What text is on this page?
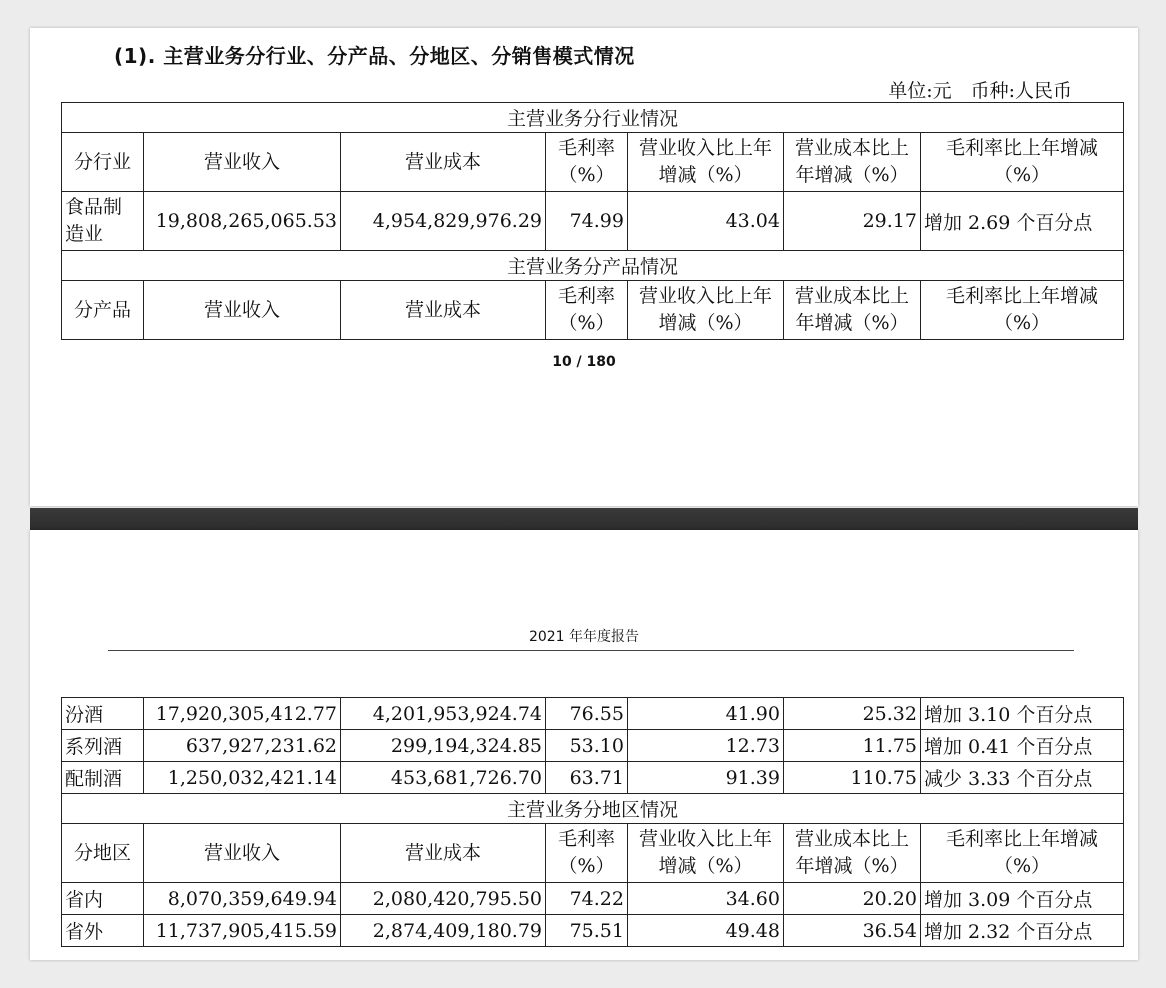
(1). 主营业务分行业、分产品、分地区、分销售模式情况
单位:元　币种:人民币
主营业务分行业情况						
分行业	营业收入	营业成本	毛利率（%）	营业收入比上年增减（%）	营业成本比上年增减（%）	毛利率比上年增减（%）
食品制造业	19,808,265,065.53	4,954,829,976.29	74.99	43.04	29.17	增加 2.69 个百分点
主营业务分产品情况						
分产品	营业收入	营业成本	毛利率（%）	营业收入比上年增减（%）	营业成本比上年增减（%）	毛利率比上年增减（%）
10 / 180
2021 年年度报告
汾酒	17,920,305,412.77	4,201,953,924.74	76.55	41.90	25.32	增加 3.10 个百分点
系列酒	637,927,231.62	299,194,324.85	53.10	12.73	11.75	增加 0.41 个百分点
配制酒	1,250,032,421.14	453,681,726.70	63.71	91.39	110.75	减少 3.33 个百分点
主营业务分地区情况						
分地区	营业收入	营业成本	毛利率（%）	营业收入比上年增减（%）	营业成本比上年增减（%）	毛利率比上年增减（%）
省内	8,070,359,649.94	2,080,420,795.50	74.22	34.60	20.20	增加 3.09 个百分点
省外	11,737,905,415.59	2,874,409,180.79	75.51	49.48	36.54	增加 2.32 个百分点
